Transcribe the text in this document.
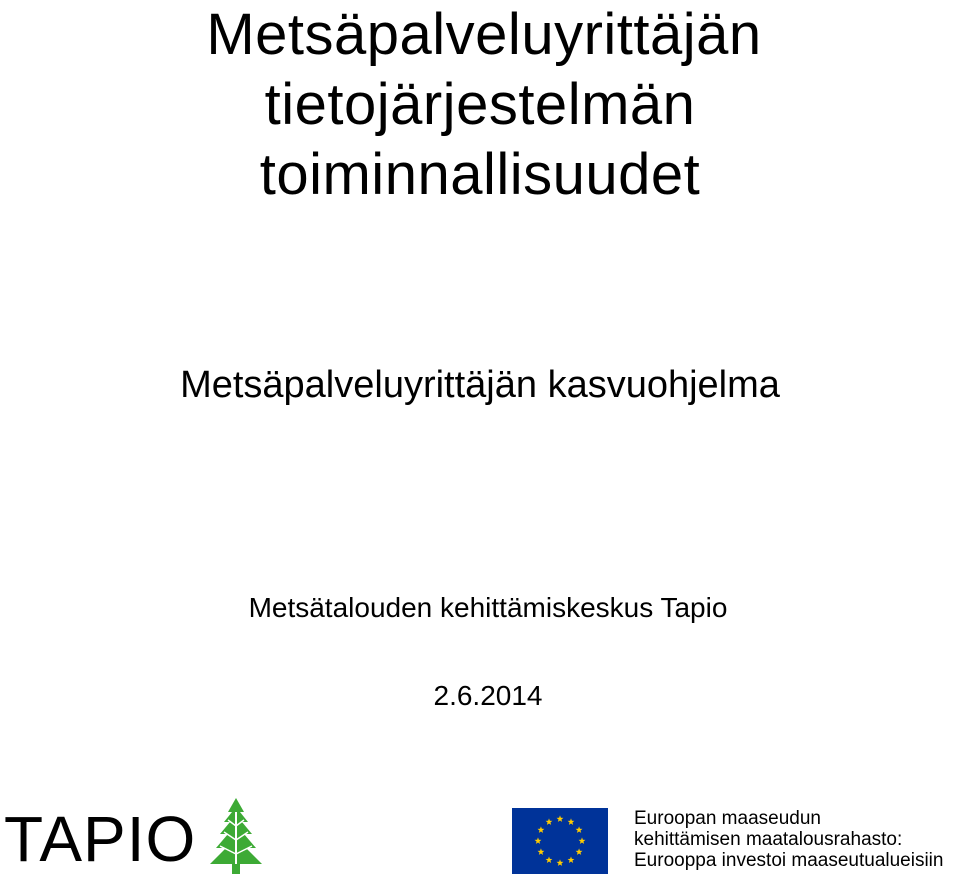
Metsäpalveluyrittäjän
tietojärjestelmän
toiminnallisuudet
Metsäpalveluyrittäjän kasvuohjelma
Metsätalouden kehittämiskeskus Tapio
2.6.2014
TAPIO	Euroopan maaseudun
kehittämisen maatalousrahasto:
Eurooppa investoi maaseutualueisiin
